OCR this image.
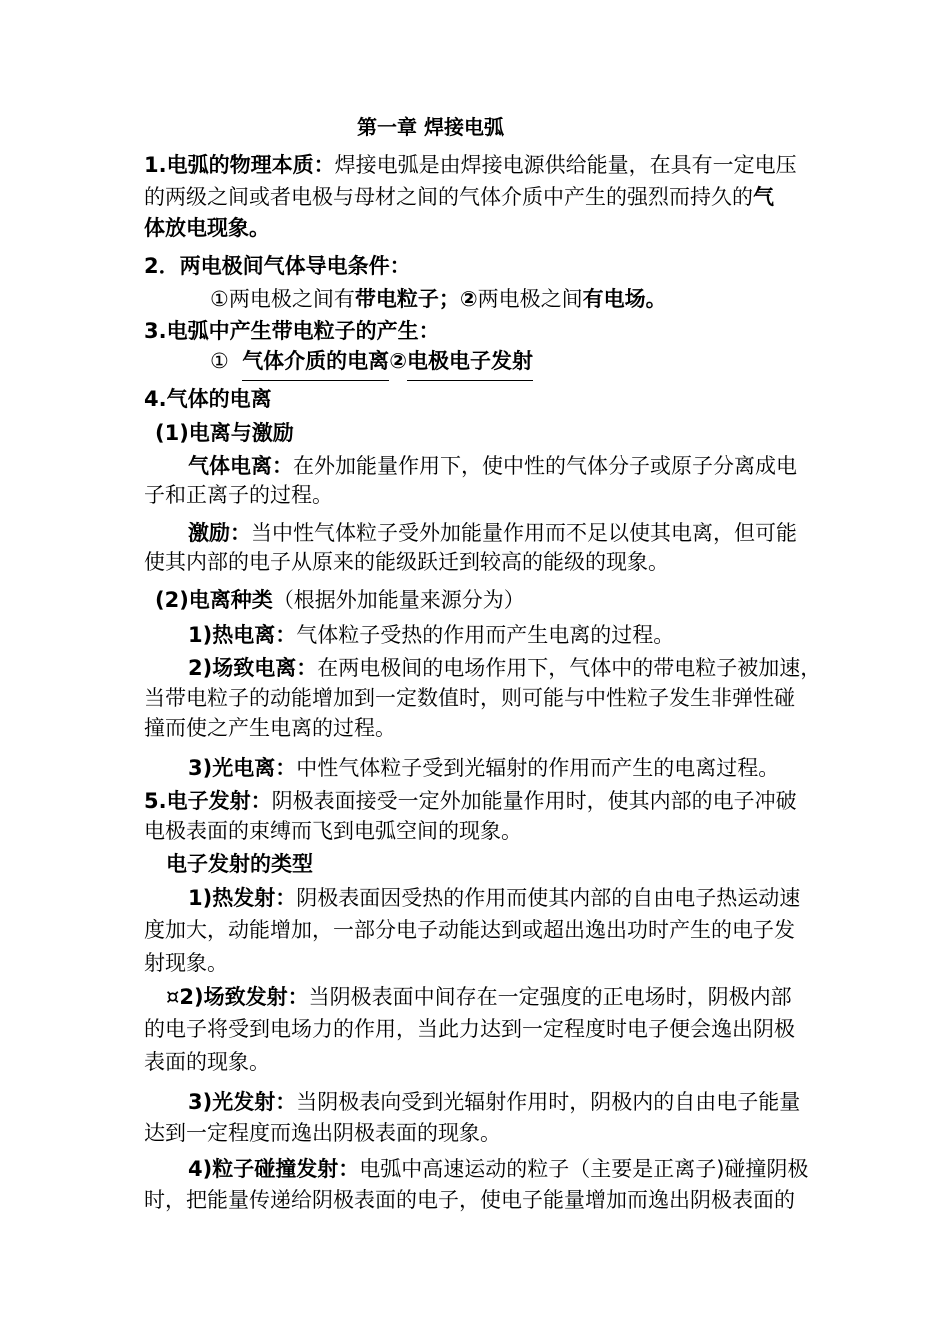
第一章 焊接电弧
1.电弧的物理本质：焊接电弧是由焊接电源供给能量，在具有一定电压
的两级之间或者电极与母材之间的气体介质中产生的强烈而持久的气
体放电现象。
2．两电极间气体导电条件：
①两电极之间有带电粒子；②两电极之间有电场。
3.电弧中产生带电粒子的产生：
① 气体介质的电离②电极电子发射
4.气体的电离
(1)电离与激励
气体电离：在外加能量作用下，使中性的气体分子或原子分离成电
子和正离子的过程。
激励：当中性气体粒子受外加能量作用而不足以使其电离，但可能
使其内部的电子从原来的能级跃迁到较高的能级的现象。
(2)电离种类（根据外加能量来源分为）
1)热电离：气体粒子受热的作用而产生电离的过程。
2)场致电离：在两电极间的电场作用下，气体中的带电粒子被加速，
当带电粒子的动能增加到一定数值时，则可能与中性粒子发生非弹性碰
撞而使之产生电离的过程。
3)光电离：中性气体粒子受到光辐射的作用而产生的电离过程。
5.电子发射：阴极表面接受一定外加能量作用时，使其内部的电子冲破
电极表面的束缚而飞到电弧空间的现象。
电子发射的类型
1)热发射：阴极表面因受热的作用而使其内部的自由电子热运动速
度加大，动能增加，一部分电子动能达到或超出逸出功时产生的电子发
射现象。
¤2)场致发射：当阴极表面中间存在一定强度的正电场时，阴极内部
的电子将受到电场力的作用，当此力达到一定程度时电子便会逸出阴极
表面的现象。
3)光发射：当阴极表向受到光辐射作用时，阴极内的自由电子能量
达到一定程度而逸出阴极表面的现象。
4)粒子碰撞发射：电弧中高速运动的粒子（主要是正离子)碰撞阴极
时，把能量传递给阴极表面的电子，使电子能量增加而逸出阴极表面的
